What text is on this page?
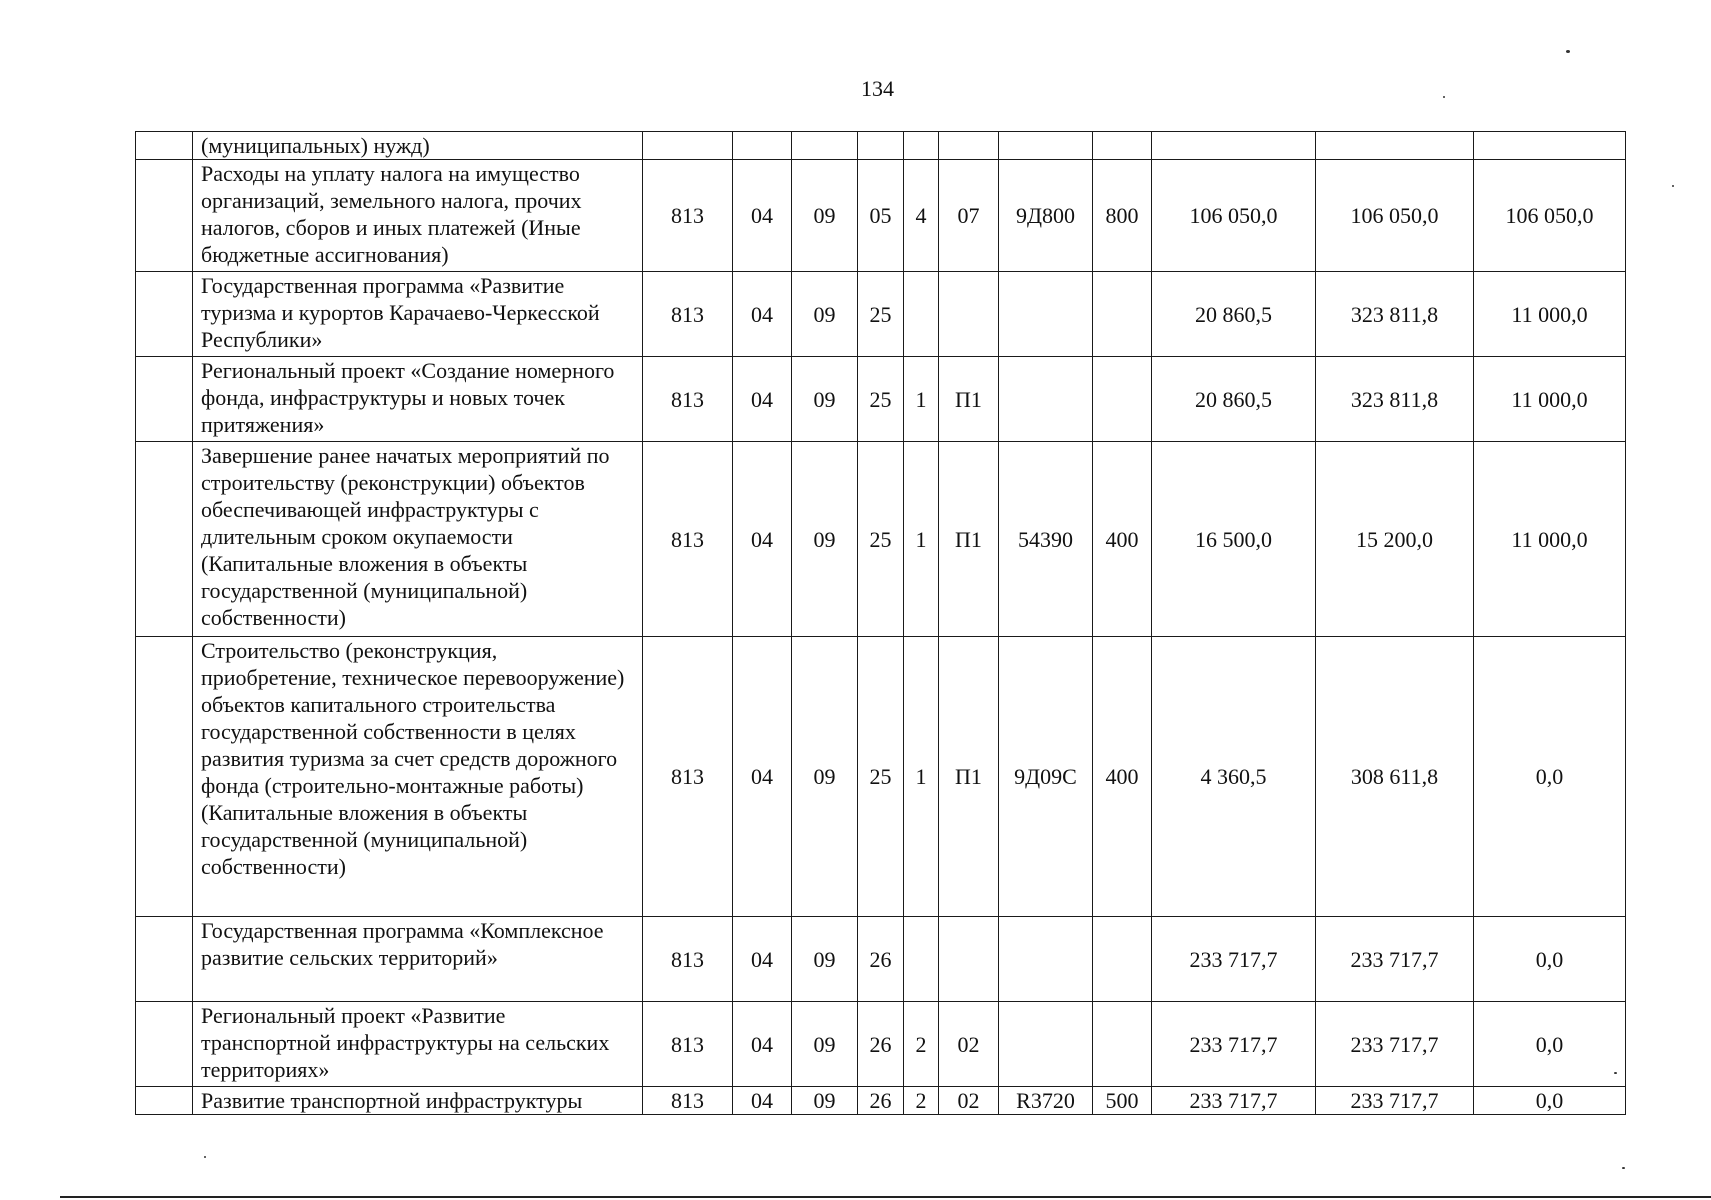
134
	(муниципальных) нужд)											
	Расходы на уплату налога на имущество организаций, земельного налога, прочих налогов, сборов и иных платежей (Иные бюджетные ассигнования)	813	04	09	05	4	07	9Д800	800	106 050,0	106 050,0	106 050,0
	Государственная программа «Развитие туризма и курортов Карачаево-Черкесской Республики»	813	04	09	25					20 860,5	323 811,8	11 000,0
	Региональный проект «Создание номерного фонда, инфраструктуры и новых точек притяжения»	813	04	09	25	1	П1			20 860,5	323 811,8	11 000,0
	Завершение ранее начатых мероприятий по строительству (реконструкции) объектов обеспечивающей инфраструктуры с длительным сроком окупаемости (Капитальные вложения в объекты государственной (муниципальной) собственности)	813	04	09	25	1	П1	54390	400	16 500,0	15 200,0	11 000,0
	Строительство (реконструкция, приобретение, техническое перевооружение) объектов капитального строительства государственной собственности в целях развития туризма за счет средств дорожного фонда (строительно-монтажные работы) (Капитальные вложения в объекты государственной (муниципальной) собственности)	813	04	09	25	1	П1	9Д09С	400	4 360,5	308 611,8	0,0
	Государственная программа «Комплексное развитие сельских территорий»	813	04	09	26					233 717,7	233 717,7	0,0
	Региональный проект «Развитие транспортной инфраструктуры на сельских территориях»	813	04	09	26	2	02			233 717,7	233 717,7	0,0
	Развитие транспортной инфраструктуры	813	04	09	26	2	02	R3720	500	233 717,7	233 717,7	0,0
